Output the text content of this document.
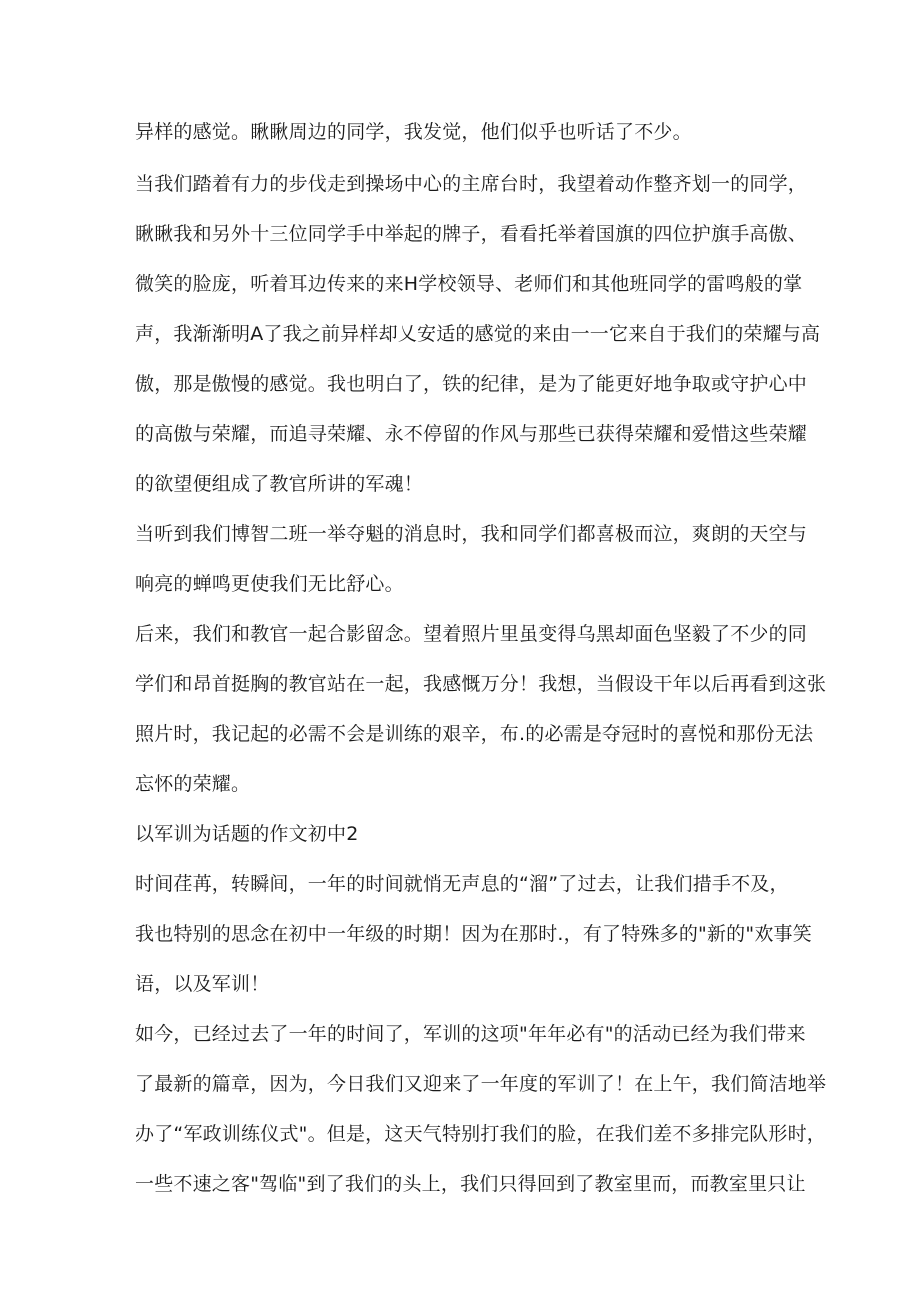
异样的感觉。瞅瞅周边的同学，我发觉，他们似乎也听话了不少。
当我们踏着有力的步伐走到操场中心的主席台时，我望着动作整齐划一的同学，
瞅瞅我和另外十三位同学手中举起的牌子，看看托举着国旗的四位护旗手高傲、
微笑的脸庞，听着耳边传来的来H学校领导、老师们和其他班同学的雷鸣般的掌
声，我渐渐明A了我之前异样却乂安适的感觉的来由一一它来自于我们的荣耀与高
傲，那是傲慢的感觉。我也明白了，铁的纪律，是为了能更好地争取或守护心中
的高傲与荣耀，而追寻荣耀、永不停留的作风与那些已获得荣耀和爱惜这些荣耀
的欲望便组成了教官所讲的军魂！
当听到我们博智二班一举夺魁的消息时，我和同学们都喜极而泣，爽朗的天空与
响亮的蝉鸣更使我们无比舒心。
后来，我们和教官一起合影留念。望着照片里虽变得乌黑却面色坚毅了不少的同
学们和昂首挺胸的教官站在一起，我感慨万分！我想，当假设干年以后再看到这张
照片时，我记起的必需不会是训练的艰辛，布.的必需是夺冠时的喜悦和那份无法
忘怀的荣耀。
以军训为话题的作文初中2
时间荏苒，转瞬间，一年的时间就悄无声息的“溜”了过去，让我们措手不及，
我也特别的思念在初中一年级的时期！因为在那时.，有了特殊多的"新的"欢事笑
语，以及军训！
如今，已经过去了一年的时间了，军训的这项"年年必有"的活动已经为我们带来
了最新的篇章，因为，今日我们又迎来了一年度的军训了！在上午，我们简洁地举
办了“军政训练仪式"。但是，这天气特别打我们的脸，在我们差不多排完队形时，
一些不速之客"驾临"到了我们的头上，我们只得回到了教室里而，而教室里只让
